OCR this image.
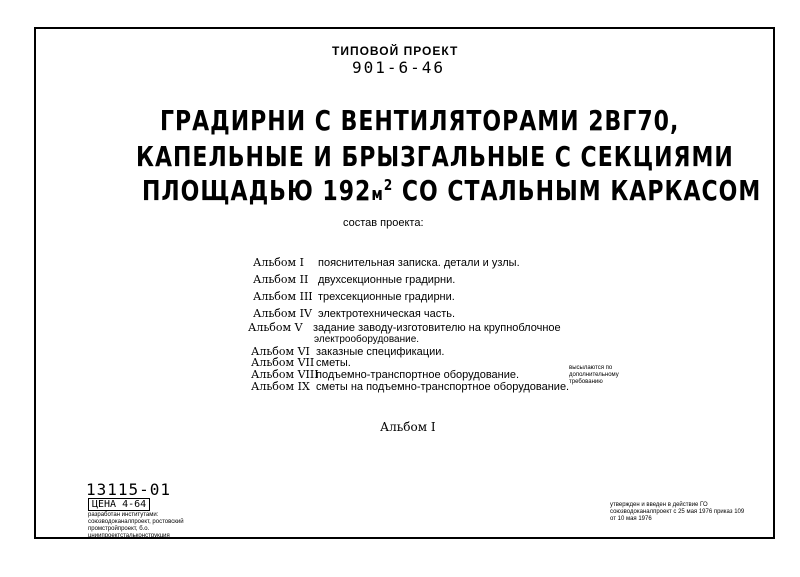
ТИПОВОЙ ПРОЕКТ
901-6-46
ГРАДИРНИ С ВЕНТИЛЯТОРАМИ 2ВГ70,
КАПЕЛЬНЫЕ И БРЫЗГАЛЬНЫЕ С СЕКЦИЯМИ
ПЛОЩАДЬЮ $192м^2$ СО СТАЛЬНЫМ КАРКАСОМ
состав проекта:
Альбом I пояснительная записка. детали и узлы.
Альбом II двухсекционные градирни.
Альбом III трехсекционные градирни.
Альбом IV электротехническая часть.
Альбом V задание заводу-изготовителю на крупноблочное
электрооборудование.
Альбом VI заказные спецификации.
Альбом VII сметы.
Альбом VIIIподъемно-транспортное оборудование.
Альбом IX сметы на подъемно-транспортное оборудование.
высылаются по дополнительному требованию
Альбом I
13115-01
ЦЕНА 4-64
разработан институтами: союзводоканалпроект, ростовский промстройпроект, б.о. цниипроектстальконструкция
утвержден и введен в действие ГО союзводоканалпроект с 25 мая 1976 приказ 109 от 10 мая 1976
